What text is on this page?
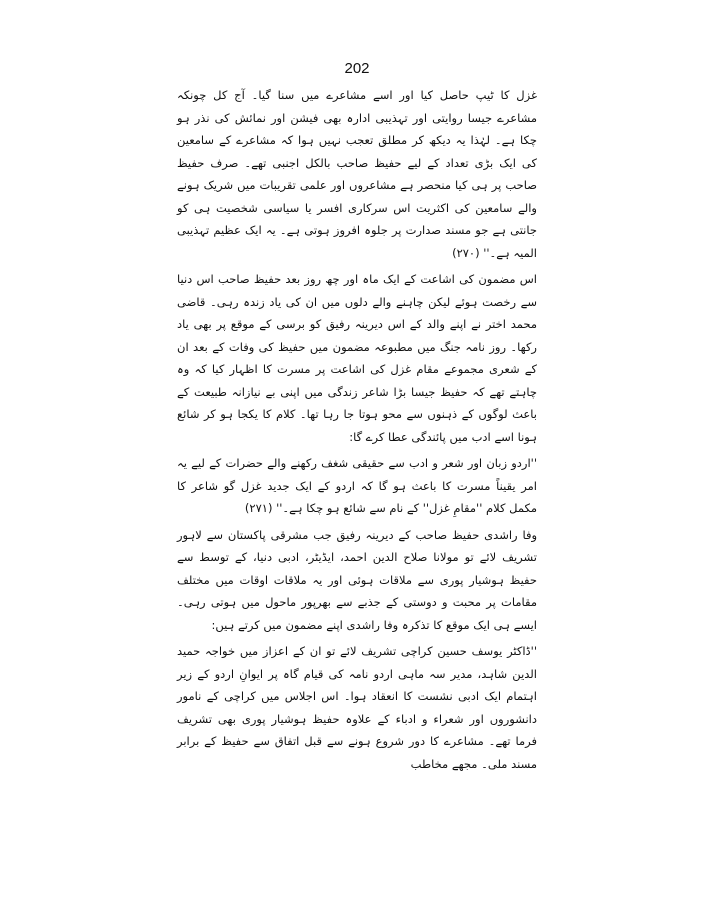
202

غزل کا ٹیپ حاصل کیا اور اسے مشاعرے میں سنا گیا۔ آج کل چونکہ مشاعرے جیسا روایتی اور تہذیبی ادارہ بھی فیشن اور نمائش کی نذر ہو چکا ہے۔ لہٰذا یہ دیکھ کر مطلق تعجب نہیں ہوا کہ مشاعرے کے سامعین کی ایک بڑی تعداد کے لیے حفیظ صاحب بالکل اجنبی تھے۔ صرف حفیظ صاحب پر ہی کیا منحصر ہے مشاعروں اور علمی تقریبات میں شریک ہونے والے سامعین کی اکثریت اس سرکاری افسر یا سیاسی شخصیت ہی کو جانتی ہے جو مسند صدارت پر جلوہ افروز ہوتی ہے۔ یہ ایک عظیم تہذیبی المیہ ہے۔'' (۲۷۰)

اس مضمون کی اشاعت کے ایک ماہ اور چھ روز بعد حفیظ صاحب اس دنیا سے رخصت ہوئے لیکن چاہنے والے دلوں میں ان کی یاد زندہ رہی۔ قاضی محمد اختر نے اپنے والد کے اس دیرینہ رفیق کو برسی کے موقع پر بھی یاد رکھا۔ روز نامہ جنگ میں مطبوعہ مضمون میں حفیظ کی وفات کے بعد ان کے شعری مجموعے مقام غزل کی اشاعت پر مسرت کا اظہار کیا کہ وہ چاہتے تھے کہ حفیظ جیسا بڑا شاعر زندگی میں اپنی بے نیازانہ طبیعت کے باعث لوگوں کے ذہنوں سے محو ہوتا جا رہا تھا۔ کلام کا یکجا ہو کر شائع ہونا اسے ادب میں پائندگی عطا کرے گا:

''اردو زبان اور شعر و ادب سے حقیقی شغف رکھنے والے حضرات کے لیے یہ امر یقیناً مسرت کا باعث ہو گا کہ اردو کے ایک جدید غزل گو شاعر کا مکمل کلام ''مقامِ غزل'' کے نام سے شائع ہو چکا ہے۔'' (۲۷۱)

وفا راشدی حفیظ صاحب کے دیرینہ رفیق جب مشرقی پاکستان سے لاہور تشریف لائے تو مولانا صلاح الدین احمد، ایڈیٹر، ادبی دنیا، کے توسط سے حفیظ ہوشیار پوری سے ملاقات ہوئی اور یہ ملاقات اوقات میں مختلف مقامات پر محبت و دوستی کے جذبے سے بھرپور ماحول میں ہوتی رہی۔ ایسے ہی ایک موقع کا تذکرہ وفا راشدی اپنے مضمون میں کرتے ہیں:

''ڈاکٹر یوسف حسین کراچی تشریف لائے تو ان کے اعزاز میں خواجہ حمید الدین شاہد، مدیر سہ ماہی اردو نامہ کی قیام گاہ پر ایوانِ اردو کے زیر اہتمام ایک ادبی نشست کا انعقاد ہوا۔ اس اجلاس میں کراچی کے نامور دانشوروں اور شعراء و ادباء کے علاوہ حفیظ ہوشیار پوری بھی تشریف فرما تھے۔ مشاعرے کا دور شروع ہونے سے قبل اتفاق سے حفیظ کے برابر مسند ملی۔ مجھے مخاطب
